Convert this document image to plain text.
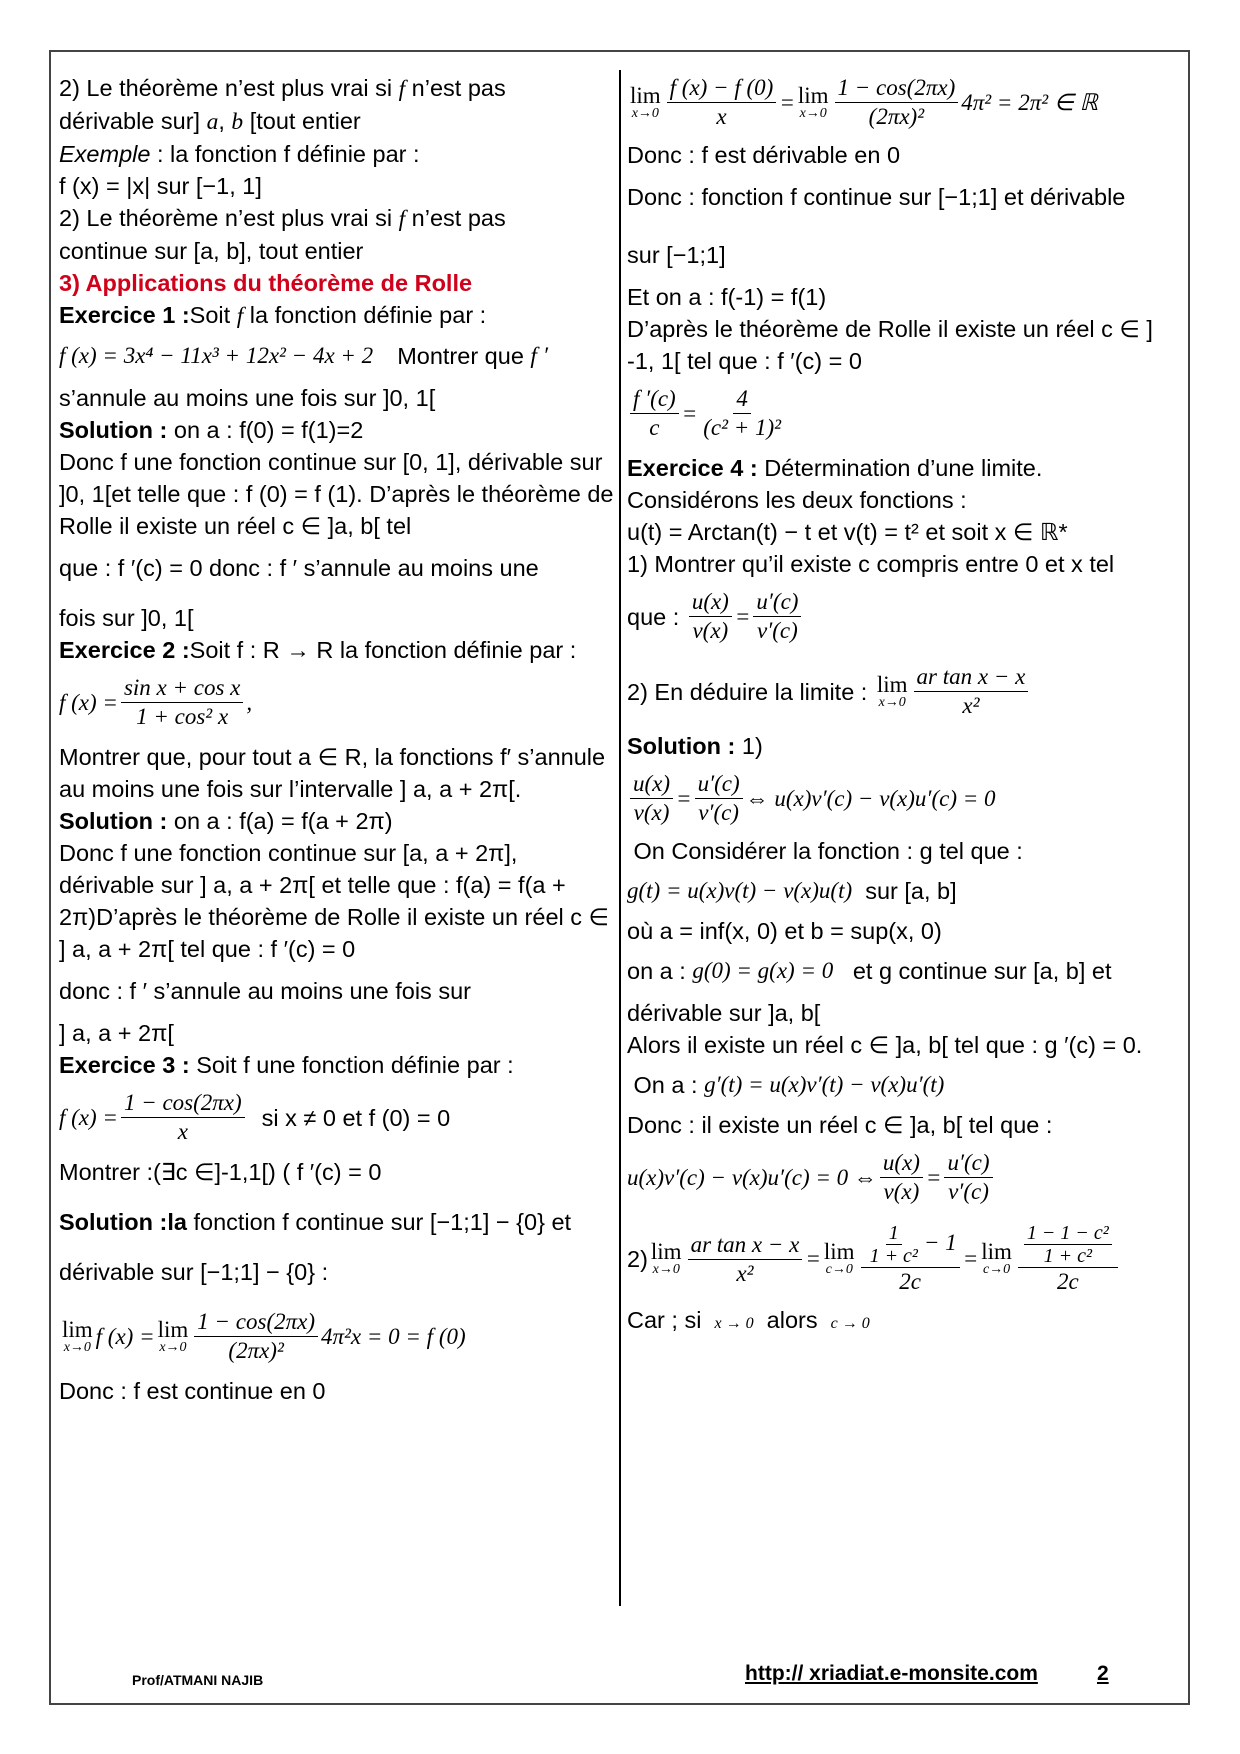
2) Le théorème n’est plus vrai si f n’est pas

dérivable sur] a, b [tout entier

Exemple : la fonction f définie par :

f (x) = |x| sur [−1, 1]

2) Le théorème n’est plus vrai si f n’est pas

continue sur [a, b], tout entier

3) Applications du théorème de Rolle

Exercice 1 :Soit f la fonction définie par :

f (x) = 3x⁴ − 11x³ + 12x² − 4x + 2 Montrer que
f ′

s’annule au moins une fois sur ]0, 1[

Solution : on a : f(0) = f(1)=2

Donc f une fonction continue sur [0, 1], dérivable sur ]0, 1[et telle que : f (0) = f (1). D’après le théorème de Rolle il existe un réel c ∈ ]a, b[ tel

que : f ′(c) = 0 donc : f ′ s’annule au moins une

fois sur ]0, 1[

Exercice 2 :Soit f : R → R la fonction définie par :

f $(x) = \frac{\text{sin x + cos x}}{\text{1 + cos² x}}$ ,

Montrer que, pour tout a ∈ R, la fonctions f′ s’annule au moins une fois sur l’intervalle ] a, a + 2π[.

Solution : on a : f(a) = f(a + 2π)

Donc f une fonction continue sur [a, a + 2π], dérivable sur ] a, a + 2π[ et telle que : f(a) = f(a + 2π)D’après le théorème de Rolle il existe un réel c ∈ ] a, a + 2π[ tel que : f ′(c) = 0

donc : f ′ s’annule au moins une fois sur

] a, a + 2π[

Exercice 3 : Soit f une fonction définie par :

f $(x) = \frac{1 - \cos(2\pi x)}{x}$ si x ≠ 0 et f (0) = 0

Montrer :(∃c ∈]-1,1[) ( f ′(c) = 0

Solution :la fonction f continue sur [−1;1] − {0} et

dérivable sur [−1;1] − {0} :

lim
x→0 f (x) = lim
$x\to 0 \frac{1 - \cos(2\pi x)}{\text{(2πx)²}} 4\pi^2x = 0 = f$ (0)

Donc : f est continue en 0

lim
$x\to 0 \frac{f (x) - f (0)}{x} = \lim$
$x\to 0 \frac{1 - \cos(2\pi x)}{\text{(2πx)²}} 4\pi^2 = 2\pi^2$ ∈ ℝ

Donc : f est dérivable en 0

Donc : fonction f continue sur [−1;1] et dérivable

sur [−1;1]

Et on a : f(-1) = f(1)

D’après le théorème de Rolle il existe un réel c ∈ ] -1, 1[ tel que : f ′(c) = 0

$\frac{f '(c)}{c} = \frac{4}{\text{(c² + 1)²}}$

Exercice 4 : Détermination d’une limite.

Considérons les deux fonctions :

u(t) = Arctan(t) − t et v(t) = t² et soit x ∈ ℝ*

1) Montrer qu’il existe c compris entre 0 et x tel

que :
$\frac{u(x)}{v(x)} = \frac{u'(c)}{v'(c)}$

2) En déduire la limite :
lim
$x\to 0 \frac{\text{ar tan x − x}}{\text{x²}}$

Solution : 1)

$\frac{u(x)}{v(x)} = \frac{u'(c)}{v'(c)}$ ⇔ u(x)v′(c) − v(x)u′(c) = 0

On Considérer la fonction : g tel que :

g(t) = u(x)v(t) − v(x)u(t)
sur [a, b]

où a = inf(x, 0) et b = sup(x, 0)

on a :
g(0) = g(x) = 0
et g continue sur [a, b] et

dérivable sur ]a, b[

Alors il existe un réel c ∈ ]a, b[ tel que : g ′(c) = 0.

On a :
g′(t) = u(x)v′(t) − v(x)u′(t)

Donc : il existe un réel c ∈ ]a, b[ tel que :

u(x)v′(c) − v(x)u′(c) = 0 ⇔ $\frac{u(x)}{v(x)} = \frac{u'(c)}{v'(c)}$

2) lim
$x\to 0 \frac{\text{ar tan x − x}}{\text{x²}} = \lim$
$c\to 0 \frac{\frac{1}{\text{1 + c²}} - 1}{2c} = \lim$
$c\to 0 \frac{\frac{\text{1 − 1 − c²}}{\text{1 + c²}}}{2c}$

Car ; si x → 0 alors c → 0

Prof/ATMANI NAJIB	http:// xriadiat.e-monsite.com	2
